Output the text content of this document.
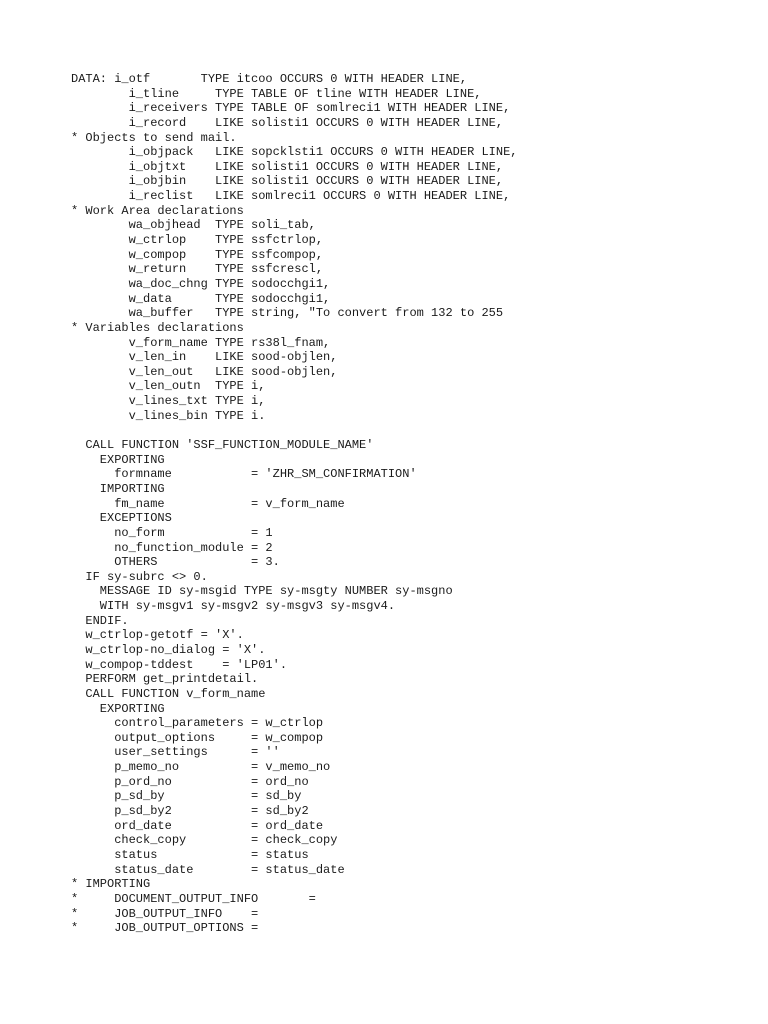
DATA: i_otf       TYPE itcoo OCCURS 0 WITH HEADER LINE,
i_tline     TYPE TABLE OF tline WITH HEADER LINE,
i_receivers TYPE TABLE OF somlreci1 WITH HEADER LINE,
i_record    LIKE solisti1 OCCURS 0 WITH HEADER LINE,
* Objects to send mail.
i_objpack   LIKE sopcklsti1 OCCURS 0 WITH HEADER LINE,
i_objtxt    LIKE solisti1 OCCURS 0 WITH HEADER LINE,
i_objbin    LIKE solisti1 OCCURS 0 WITH HEADER LINE,
i_reclist   LIKE somlreci1 OCCURS 0 WITH HEADER LINE,
* Work Area declarations
wa_objhead  TYPE soli_tab,
w_ctrlop    TYPE ssfctrlop,
w_compop    TYPE ssfcompop,
w_return    TYPE ssfcrescl,
wa_doc_chng TYPE sodocchgi1,
w_data      TYPE sodocchgi1,
wa_buffer   TYPE string, "To convert from 132 to 255
* Variables declarations
v_form_name TYPE rs38l_fnam,
v_len_in    LIKE sood-objlen,
v_len_out   LIKE sood-objlen,
v_len_outn  TYPE i,
v_lines_txt TYPE i,
v_lines_bin TYPE i.
CALL FUNCTION 'SSF_FUNCTION_MODULE_NAME'
EXPORTING
formname           = 'ZHR_SM_CONFIRMATION'
IMPORTING
fm_name            = v_form_name
EXCEPTIONS
no_form            = 1
no_function_module = 2
OTHERS             = 3.
IF sy-subrc <> 0.
MESSAGE ID sy-msgid TYPE sy-msgty NUMBER sy-msgno
WITH sy-msgv1 sy-msgv2 sy-msgv3 sy-msgv4.
ENDIF.
w_ctrlop-getotf = 'X'.
w_ctrlop-no_dialog = 'X'.
w_compop-tddest    = 'LP01'.
PERFORM get_printdetail.
CALL FUNCTION v_form_name
EXPORTING
control_parameters = w_ctrlop
output_options     = w_compop
user_settings      = ''
p_memo_no          = v_memo_no
p_ord_no           = ord_no
p_sd_by            = sd_by
p_sd_by2           = sd_by2
ord_date           = ord_date
check_copy         = check_copy
status             = status
status_date        = status_date
* IMPORTING
*     DOCUMENT_OUTPUT_INFO       =
*     JOB_OUTPUT_INFO    =
*     JOB_OUTPUT_OPTIONS =
